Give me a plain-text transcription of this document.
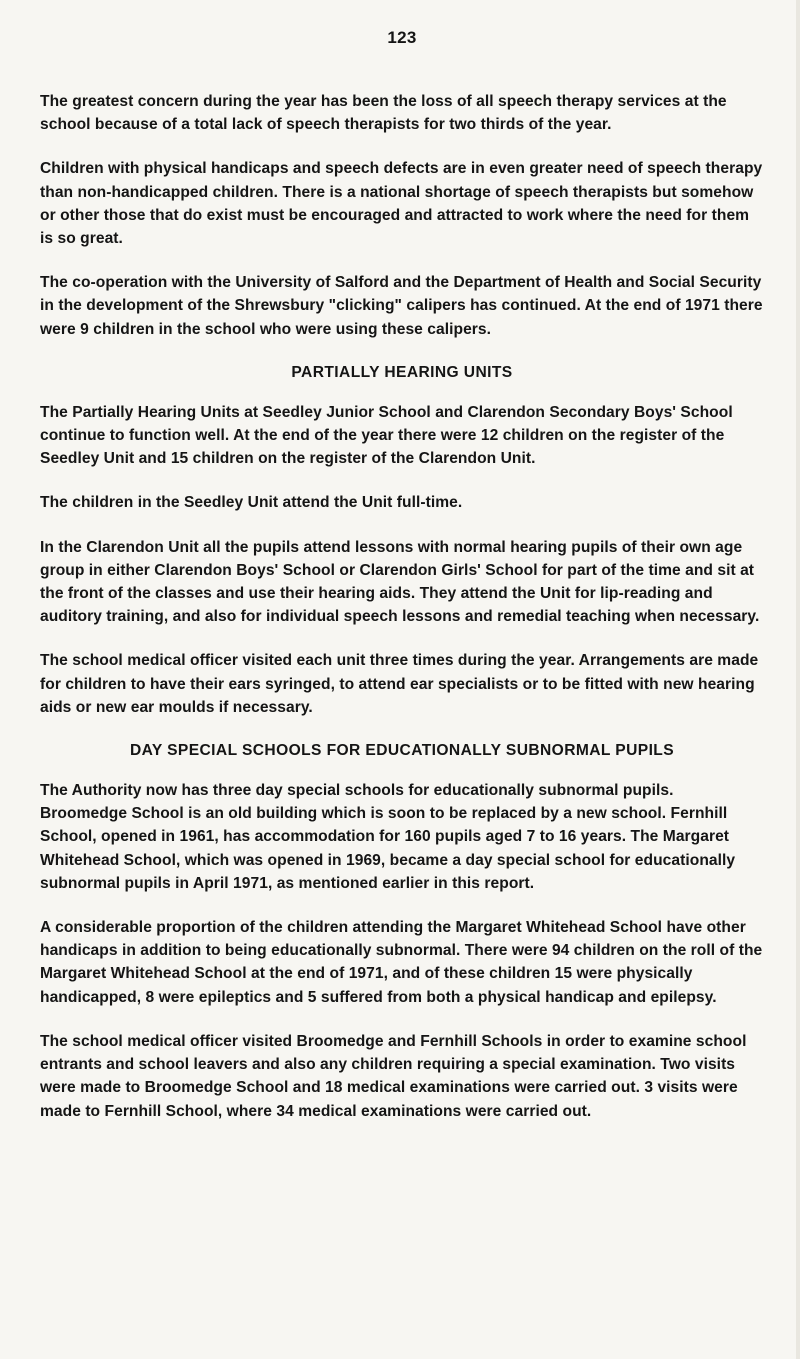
123

The greatest concern during the year has been the loss of all speech therapy services at the school because of a total lack of speech therapists for two thirds of the year.

Children with physical handicaps and speech defects are in even greater need of speech therapy than non-handicapped children. There is a national shortage of speech therapists but somehow or other those that do exist must be encouraged and attracted to work where the need for them is so great.

The co-operation with the University of Salford and the Department of Health and Social Security in the development of the Shrewsbury "clicking" calipers has continued. At the end of 1971 there were 9 children in the school who were using these calipers.

PARTIALLY HEARING UNITS

The Partially Hearing Units at Seedley Junior School and Clarendon Secondary Boys' School continue to function well. At the end of the year there were 12 children on the register of the Seedley Unit and 15 children on the register of the Clarendon Unit.

The children in the Seedley Unit attend the Unit full-time.

In the Clarendon Unit all the pupils attend lessons with normal hearing pupils of their own age group in either Clarendon Boys' School or Clarendon Girls' School for part of the time and sit at the front of the classes and use their hearing aids. They attend the Unit for lip-reading and auditory training, and also for individual speech lessons and remedial teaching when necessary.

The school medical officer visited each unit three times during the year. Arrangements are made for children to have their ears syringed, to attend ear specialists or to be fitted with new hearing aids or new ear moulds if necessary.

DAY SPECIAL SCHOOLS FOR EDUCATIONALLY SUBNORMAL PUPILS

The Authority now has three day special schools for educationally subnormal pupils. Broomedge School is an old building which is soon to be replaced by a new school. Fernhill School, opened in 1961, has accommodation for 160 pupils aged 7 to 16 years. The Margaret Whitehead School, which was opened in 1969, became a day special school for educationally subnormal pupils in April 1971, as mentioned earlier in this report.

A considerable proportion of the children attending the Margaret Whitehead School have other handicaps in addition to being educationally subnormal. There were 94 children on the roll of the Margaret Whitehead School at the end of 1971, and of these children 15 were physically handicapped, 8 were epileptics and 5 suffered from both a physical handicap and epilepsy.

The school medical officer visited Broomedge and Fernhill Schools in order to examine school entrants and school leavers and also any children requiring a special examination. Two visits were made to Broomedge School and 18 medical examinations were carried out. 3 visits were made to Fernhill School, where 34 medical examinations were carried out.
